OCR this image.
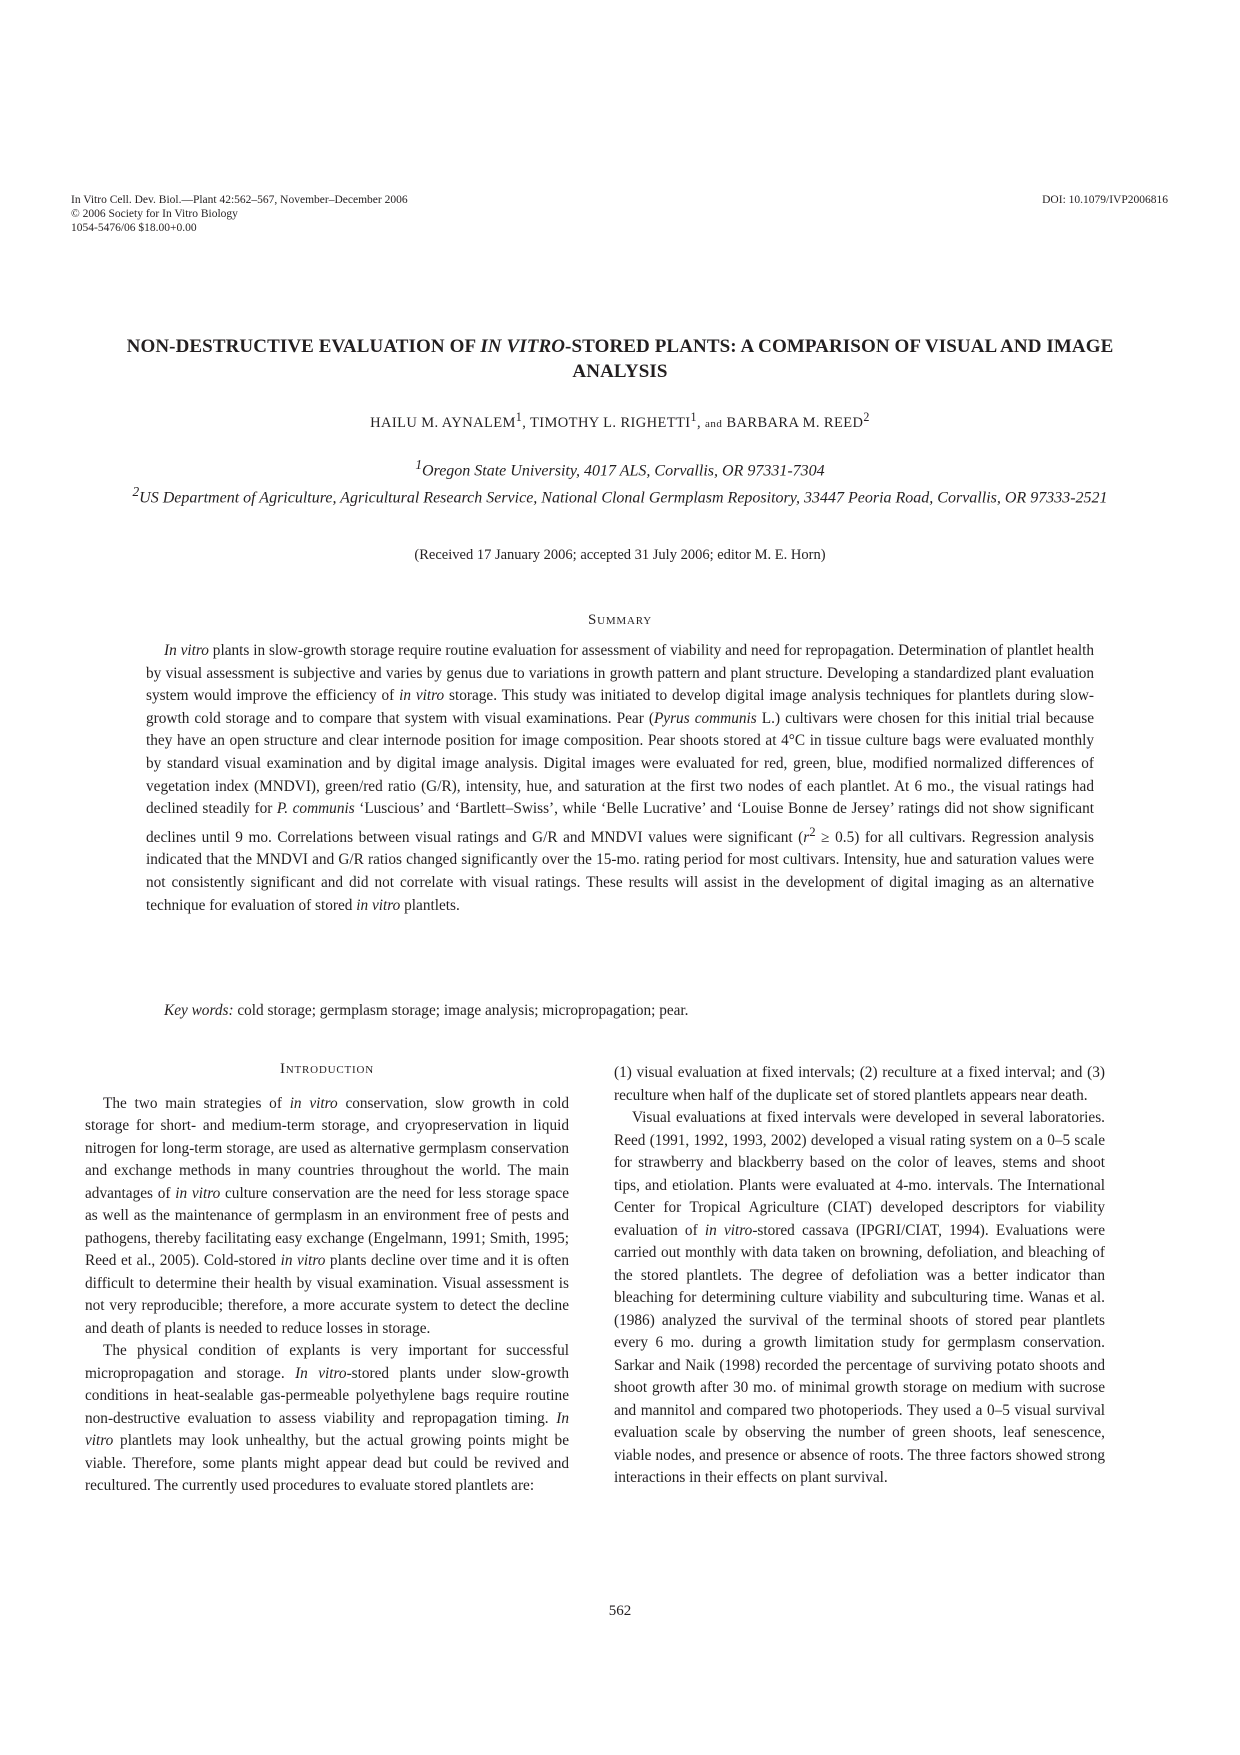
In Vitro Cell. Dev. Biol.—Plant 42:562–567, November–December 2006
© 2006 Society for In Vitro Biology
1054-5476/06 $18.00+0.00
DOI: 10.1079/IVP2006816
NON-DESTRUCTIVE EVALUATION OF IN VITRO-STORED PLANTS: A COMPARISON OF VISUAL AND IMAGE ANALYSIS
HAILU M. AYNALEM$^1$, TIMOTHY L. RIGHETTI$^1$, and BARBARA M. REED$^2$
$^1$Oregon State University, 4017 ALS, Corvallis, OR 97331-7304
$^2$US Department of Agriculture, Agricultural Research Service, National Clonal Germplasm Repository, 33447 Peoria Road, Corvallis, OR 97333-2521
(Received 17 January 2006; accepted 31 July 2006; editor M. E. Horn)
Summary

In vitro plants in slow-growth storage require routine evaluation for assessment of viability and need for repropagation. Determination of plantlet health by visual assessment is subjective and varies by genus due to variations in growth pattern and plant structure. Developing a standardized plant evaluation system would improve the efficiency of in vitro storage. This study was initiated to develop digital image analysis techniques for plantlets during slow-growth cold storage and to compare that system with visual examinations. Pear (Pyrus communis L.) cultivars were chosen for this initial trial because they have an open structure and clear internode position for image composition. Pear shoots stored at 4°C in tissue culture bags were evaluated monthly by standard visual examination and by digital image analysis. Digital images were evaluated for red, green, blue, modified normalized differences of vegetation index (MNDVI), green/red ratio (G/R), intensity, hue, and saturation at the first two nodes of each plantlet. At 6 mo., the visual ratings had declined steadily for P. communis ‘Luscious’ and ‘Bartlett–Swiss’, while ‘Belle Lucrative’ and ‘Louise Bonne de Jersey’ ratings did not show significant declines until 9 mo. Correlations between visual ratings and G/R and MNDVI values were significant $(r^2 \ge 0.5)$ for all cultivars. Regression analysis indicated that the MNDVI and G/R ratios changed significantly over the 15-mo. rating period for most cultivars. Intensity, hue and saturation values were not consistently significant and did not correlate with visual ratings. These results will assist in the development of digital imaging as an alternative technique for evaluation of stored in vitro plantlets.

Key words: cold storage; germplasm storage; image analysis; micropropagation; pear.
Introduction

The two main strategies of in vitro conservation, slow growth in cold storage for short- and medium-term storage, and cryopreservation in liquid nitrogen for long-term storage, are used as alternative germplasm conservation and exchange methods in many countries throughout the world. The main advantages of in vitro culture conservation are the need for less storage space as well as the maintenance of germplasm in an environment free of pests and pathogens, thereby facilitating easy exchange (Engelmann, 1991; Smith, 1995; Reed et al., 2005). Cold-stored in vitro plants decline over time and it is often difficult to determine their health by visual examination. Visual assessment is not very reproducible; therefore, a more accurate system to detect the decline and death of plants is needed to reduce losses in storage.

The physical condition of explants is very important for successful micropropagation and storage. In vitro-stored plants under slow-growth conditions in heat-sealable gas-permeable polyethylene bags require routine non-destructive evaluation to assess viability and repropagation timing. In vitro plantlets may look unhealthy, but the actual growing points might be viable. Therefore, some plants might appear dead but could be revived and recultured. The currently used procedures to evaluate stored plantlets are:

(1) visual evaluation at fixed intervals; (2) reculture at a fixed interval; and (3) reculture when half of the duplicate set of stored plantlets appears near death.

Visual evaluations at fixed intervals were developed in several laboratories. Reed (1991, 1992, 1993, 2002) developed a visual rating system on a 0–5 scale for strawberry and blackberry based on the color of leaves, stems and shoot tips, and etiolation. Plants were evaluated at 4-mo. intervals. The International Center for Tropical Agriculture (CIAT) developed descriptors for viability evaluation of in vitro-stored cassava (IPGRI/CIAT, 1994). Evaluations were carried out monthly with data taken on browning, defoliation, and bleaching of the stored plantlets. The degree of defoliation was a better indicator than bleaching for determining culture viability and subculturing time. Wanas et al. (1986) analyzed the survival of the terminal shoots of stored pear plantlets every 6 mo. during a growth limitation study for germplasm conservation. Sarkar and Naik (1998) recorded the percentage of surviving potato shoots and shoot growth after 30 mo. of minimal growth storage on medium with sucrose and mannitol and compared two photoperiods. They used a 0–5 visual survival evaluation scale by observing the number of green shoots, leaf senescence, viable nodes, and presence or absence of roots. The three factors showed strong interactions in their effects on plant survival.

562
